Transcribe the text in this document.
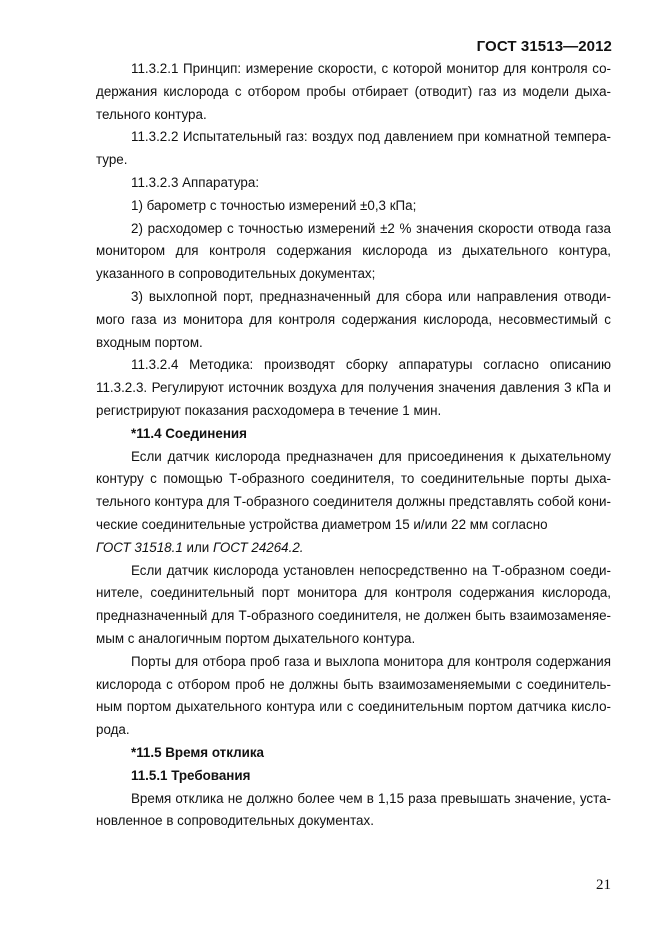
ГОСТ 31513—2012

11.3.2.1 Принцип: измерение скорости, с которой монитор для контроля содержания кислорода с отбором пробы отбирает (отводит) газ из модели дыхательного контура.

11.3.2.2 Испытательный газ: воздух под давлением при комнатной температуре.

11.3.2.3 Аппаратура:

1) барометр с точностью измерений ±0,3 кПа;

2) расходомер с точностью измерений ±2 % значения скорости отвода газа монитором для контроля содержания кислорода из дыхательного контура, указанного в сопроводительных документах;

3) выхлопной порт, предназначенный для сбора или направления отводимого газа из монитора для контроля содержания кислорода, несовместимый с входным портом.

11.3.2.4 Методика: производят сборку аппаратуры согласно описанию 11.3.2.3. Регулируют источник воздуха для получения значения давления 3 кПа и регистрируют показания расходомера в течение 1 мин.

*11.4 Соединения

Если датчик кислорода предназначен для присоединения к дыхательному контуру с помощью Т-образного соединителя, то соединительные порты дыхательного контура для Т-образного соединителя должны представлять собой конические соединительные устройства диаметром 15 и/или 22 мм согласно

ГОСТ 31518.1 или ГОСТ 24264.2.

Если датчик кислорода установлен непосредственно на Т-образном соединителе, соединительный порт монитора для контроля содержания кислорода, предназначенный для Т-образного соединителя, не должен быть взаимозаменяемым с аналогичным портом дыхательного контура.

Порты для отбора проб газа и выхлопа монитора для контроля содержания кислорода с отбором проб не должны быть взаимозаменяемыми с соединительным портом дыхательного контура или с соединительным портом датчика кислорода.

*11.5 Время отклика

11.5.1 Требования

Время отклика не должно более чем в 1,15 раза превышать значение, установленное в сопроводительных документах.

21
